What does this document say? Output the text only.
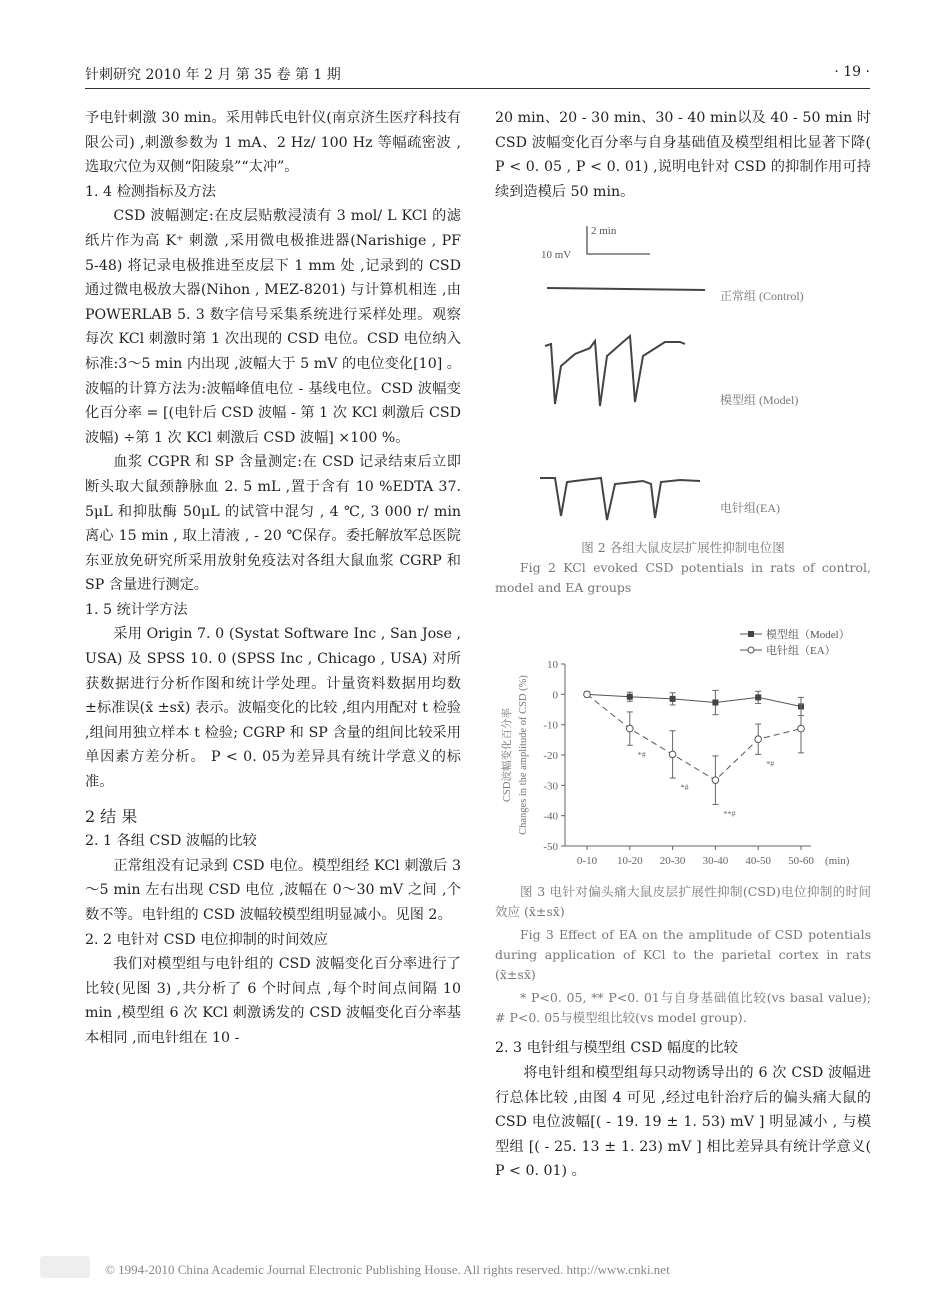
针刺研究 2010 年 2 月 第 35 卷 第 1 期	· 19 ·

予电针刺激 30 min。采用韩氏电针仪(南京济生医疗科技有限公司) ,刺激参数为 1 mA、2 Hz/ 100 Hz 等幅疏密波 ,选取穴位为双侧“阳陵泉”“太冲”。

1. 4 检测指标及方法

CSD 波幅测定:在皮层贴敷浸渍有 3 mol/ L KCl 的滤纸片作为高 K⁺ 刺激 ,采用微电极推进器(Narishige , PF 5-48) 将记录电极推进至皮层下 1 mm 处 ,记录到的 CSD 通过微电极放大器(Nihon , MEZ-8201) 与计算机相连 ,由 POWERLAB 5. 3 数字信号采集系统进行采样处理。观察每次 KCl 刺激时第 1 次出现的 CSD 电位。CSD 电位纳入标准:3～5 min 内出现 ,波幅大于 5 mV 的电位变化[10] 。波幅的计算方法为:波幅峰值电位 - 基线电位。CSD 波幅变化百分率 = [(电针后 CSD 波幅 - 第 1 次 KCl 刺激后 CSD 波幅) ÷第 1 次 KCl 刺激后 CSD 波幅] ×100 %。

血浆 CGPR 和 SP 含量测定:在 CSD 记录结束后立即断头取大鼠颈静脉血 2. 5 mL ,置于含有 10 %EDTA 37. 5μL 和抑肽酶 50μL 的试管中混匀 , 4 ℃, 3 000 r/ min 离心 15 min , 取上清液 , - 20 ℃保存。委托解放军总医院东亚放免研究所采用放射免疫法对各组大鼠血浆 CGRP 和 SP 含量进行测定。

1. 5 统计学方法

采用 Origin 7. 0 (Systat Software Inc , San Jose , USA) 及 SPSS 10. 0 (SPSS Inc , Chicago , USA) 对所获数据进行分析作图和统计学处理。计量资料数据用均数 ±标准误(x̄ ±sx̄) 表示。波幅变化的比较 ,组内用配对 t 检验 ,组间用独立样本 t 检验; CGRP 和 SP 含量的组间比较采用单因素方差分析。 P < 0. 05为差异具有统计学意义的标准。

2 结 果

2. 1 各组 CSD 波幅的比较

正常组没有记录到 CSD 电位。模型组经 KCl 刺激后 3～5 min 左右出现 CSD 电位 ,波幅在 0～30 mV 之间 ,个数不等。电针组的 CSD 波幅较模型组明显减小。见图 2。

2. 2 电针对 CSD 电位抑制的时间效应

我们对模型组与电针组的 CSD 波幅变化百分率进行了比较(见图 3) ,共分析了 6 个时间点 ,每个时间点间隔 10 min ,模型组 6 次 KCl 刺激诱发的 CSD 波幅变化百分率基本相同 ,而电针组在 10 -

20 min、20 - 30 min、30 - 40 min以及 40 - 50 min 时 CSD 波幅变化百分率与自身基础值及模型组相比显著下降( P < 0. 05 , P < 0. 01) ,说明电针对 CSD 的抑制作用可持续到造模后 50 min。

2 min
10 mV
正常组 (Control)
模型组 (Model)
电针组(EA)

图 2 各组大鼠皮层扩展性抑制电位图

Fig 2 KCl evoked CSD potentials in rats of control, model and EA groups

10
0
-10
-20
-30
-40
-50
0-10 10-20 20-30 30-40 40-50 50-60 (min)
CSD波幅变化百分率 Changes in the amplitude of CSD (%)
模型组（Model）
电针组（EA）
*#
*#
**#
*#

图 3 电针对偏头痛大鼠皮层扩展性抑制(CSD)电位抑制的时间效应 (x̄±sx̄)

Fig 3 Effect of EA on the amplitude of CSD potentials during application of KCl to the parietal cortex in rats (x̄±sx̄)

* P<0. 05, ** P<0. 01与自身基础值比较(vs basal value); # P<0. 05与模型组比较(vs model group).

2. 3 电针组与模型组 CSD 幅度的比较

将电针组和模型组每只动物诱导出的 6 次 CSD 波幅进行总体比较 ,由图 4 可见 ,经过电针治疗后的偏头痛大鼠的 CSD 电位波幅[( - 19. 19 ± 1. 53) mV ] 明显减小 , 与模型组 [( - 25. 13 ± 1. 23) mV ] 相比差异具有统计学意义( P < 0. 01) 。

© 1994-2010 China Academic Journal Electronic Publishing House. All rights reserved. http://www.cnki.net
